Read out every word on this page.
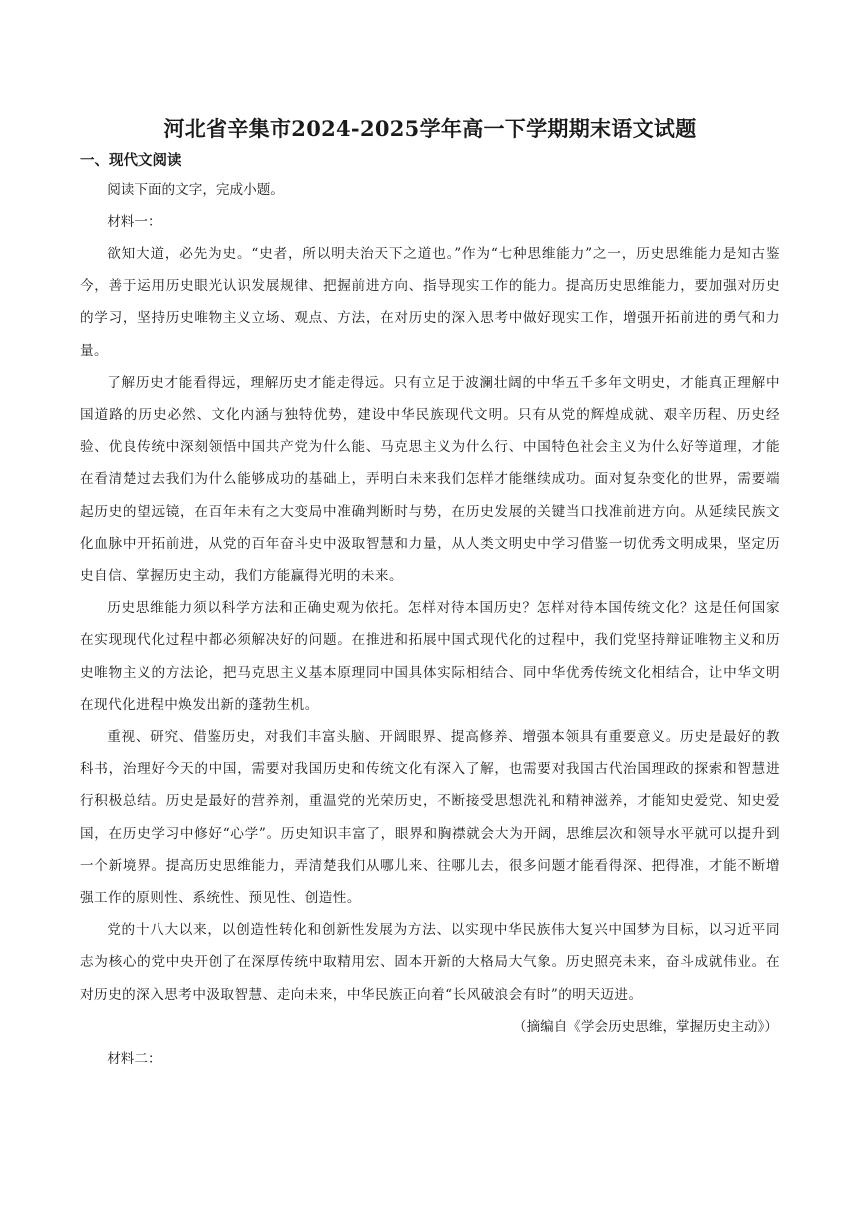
河北省辛集市2024-2025学年高一下学期期末语文试题

一、现代文阅读

阅读下面的文字，完成小题。

材料一：

欲知大道，必先为史。“史者，所以明夫治天下之道也。”作为“七种思维能力”之一，历史思维能力是知古鉴今，善于运用历史眼光认识发展规律、把握前进方向、指导现实工作的能力。提高历史思维能力，要加强对历史的学习，坚持历史唯物主义立场、观点、方法，在对历史的深入思考中做好现实工作，增强开拓前进的勇气和力量。

了解历史才能看得远，理解历史才能走得远。只有立足于波澜壮阔的中华五千多年文明史，才能真正理解中国道路的历史必然、文化内涵与独特优势，建设中华民族现代文明。只有从党的辉煌成就、艰辛历程、历史经验、优良传统中深刻领悟中国共产党为什么能、马克思主义为什么行、中国特色社会主义为什么好等道理，才能在看清楚过去我们为什么能够成功的基础上，弄明白未来我们怎样才能继续成功。面对复杂变化的世界，需要端起历史的望远镜，在百年未有之大变局中准确判断时与势，在历史发展的关键当口找准前进方向。从延续民族文化血脉中开拓前进，从党的百年奋斗史中汲取智慧和力量，从人类文明史中学习借鉴一切优秀文明成果，坚定历史自信、掌握历史主动，我们方能赢得光明的未来。

历史思维能力须以科学方法和正确史观为依托。怎样对待本国历史？怎样对待本国传统文化？这是任何国家在实现现代化过程中都必须解决好的问题。在推进和拓展中国式现代化的过程中，我们党坚持辩证唯物主义和历史唯物主义的方法论，把马克思主义基本原理同中国具体实际相结合、同中华优秀传统文化相结合，让中华文明在现代化进程中焕发出新的蓬勃生机。

重视、研究、借鉴历史，对我们丰富头脑、开阔眼界、提高修养、增强本领具有重要意义。历史是最好的教科书，治理好今天的中国，需要对我国历史和传统文化有深入了解，也需要对我国古代治国理政的探索和智慧进行积极总结。历史是最好的营养剂，重温党的光荣历史，不断接受思想洗礼和精神滋养，才能知史爱党、知史爱国，在历史学习中修好“心学”。历史知识丰富了，眼界和胸襟就会大为开阔，思维层次和领导水平就可以提升到一个新境界。提高历史思维能力，弄清楚我们从哪儿来、往哪儿去，很多问题才能看得深、把得准，才能不断增强工作的原则性、系统性、预见性、创造性。

党的十八大以来，以创造性转化和创新性发展为方法、以实现中华民族伟大复兴中国梦为目标，以习近平同志为核心的党中央开创了在深厚传统中取精用宏、固本开新的大格局大气象。历史照亮未来，奋斗成就伟业。在对历史的深入思考中汲取智慧、走向未来，中华民族正向着“长风破浪会有时”的明天迈进。

（摘编自《学会历史思维，掌握历史主动》）

材料二：
